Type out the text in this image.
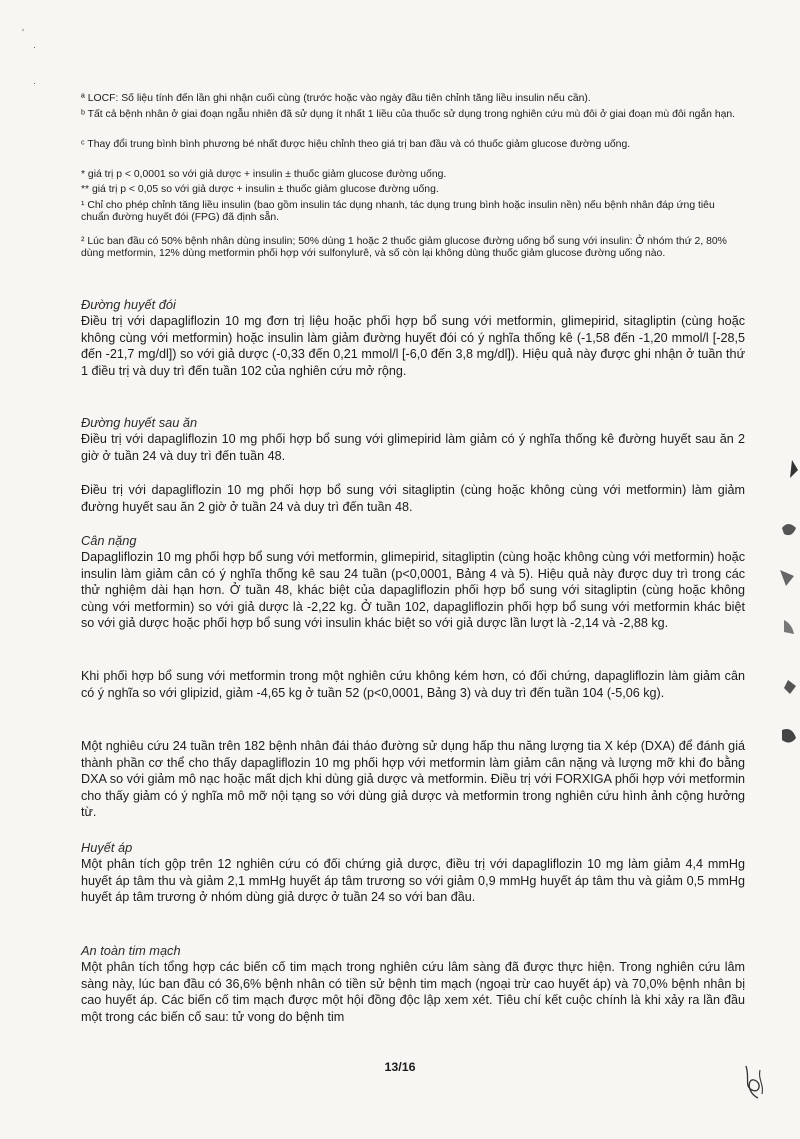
ʼ
·
·
ª LOCF: Số liệu tính đến lần ghi nhận cuối cùng (trước hoặc vào ngày đầu tiên chỉnh tăng liều insulin nếu cần).
ᵇ Tất cả bệnh nhân ở giai đoạn ngẫu nhiên đã sử dụng ít nhất 1 liều của thuốc sử dụng trong nghiên cứu mù đôi ở giai đoạn mù đôi ngắn hạn.
ᶜ Thay đổi trung bình bình phương bé nhất được hiệu chỉnh theo giá trị ban đầu và có thuốc giảm glucose đường uống.
* giá trị p < 0,0001 so với giả dược + insulin ± thuốc giảm glucose đường uống.
** giá trị p < 0,05 so với giả dược + insulin ± thuốc giảm glucose đường uống.
¹ Chỉ cho phép chỉnh tăng liều insulin (bao gồm insulin tác dụng nhanh, tác dụng trung bình hoặc insulin nền) nếu bệnh nhân đáp ứng tiêu chuẩn đường huyết đói (FPG) đã định sẵn.
² Lúc ban đầu có 50% bệnh nhân dùng insulin; 50% dùng 1 hoặc 2 thuốc giảm glucose đường uống bổ sung với insulin: Ở nhóm thứ 2, 80% dùng metformin, 12% dùng metformin phối hợp với sulfonylurê, và số còn lại không dùng thuốc giảm glucose đường uống nào.
Đường huyết đói
Điều trị với dapagliflozin 10 mg đơn trị liệu hoặc phối hợp bổ sung với metformin, glimepirid, sitagliptin (cùng hoặc không cùng với metformin) hoặc insulin làm giảm đường huyết đói có ý nghĩa thống kê (-1,58 đến -1,20 mmol/l [-28,5 đến -21,7 mg/dl]) so với giả dược (-0,33 đến 0,21 mmol/l [-6,0 đến 3,8 mg/dl]). Hiệu quả này được ghi nhận ở tuần thứ 1 điều trị và duy trì đến tuần 102 của nghiên cứu mở rộng.
Đường huyết sau ăn
Điều trị với dapagliflozin 10 mg phối hợp bổ sung với glimepirid làm giảm có ý nghĩa thống kê đường huyết sau ăn 2 giờ ở tuần 24 và duy trì đến tuần 48.
Điều trị với dapagliflozin 10 mg phối hợp bổ sung với sitagliptin (cùng hoặc không cùng với metformin) làm giảm đường huyết sau ăn 2 giờ ở tuần 24 và duy trì đến tuần 48.
Cân nặng
Dapagliflozin 10 mg phối hợp bổ sung với metformin, glimepirid, sitagliptin (cùng hoặc không cùng với metformin) hoặc insulin làm giảm cân có ý nghĩa thống kê sau 24 tuần (p<0,0001, Bảng 4 và 5). Hiệu quả này được duy trì trong các thử nghiệm dài hạn hơn. Ở tuần 48, khác biệt của dapagliflozin phối hợp bổ sung với sitagliptin (cùng hoặc không cùng với metformin) so với giả dược là -2,22 kg. Ở tuần 102, dapagliflozin phối hợp bổ sung với metformin khác biệt so với giả dược hoặc phối hợp bổ sung với insulin khác biệt so với giả dược lần lượt là -2,14 và -2,88 kg.
Khi phối hợp bổ sung với metformin trong một nghiên cứu không kém hơn, có đối chứng, dapagliflozin làm giảm cân có ý nghĩa so với glipizid, giảm -4,65 kg ở tuần 52 (p<0,0001, Bảng 3) và duy trì đến tuần 104 (-5,06 kg).
Một nghiêu cứu 24 tuần trên 182 bệnh nhân đái tháo đường sử dụng hấp thu năng lượng tia X kép (DXA) để đánh giá thành phần cơ thể cho thấy dapagliflozin 10 mg phối hợp với metformin làm giảm cân nặng và lượng mỡ khi đo bằng DXA so với giảm mô nạc hoặc mất dịch khi dùng giả dược và metformin. Điều trị với FORXIGA phối hợp với metformin cho thấy giảm có ý nghĩa mô mỡ nội tạng so với dùng giả dược và metformin trong nghiên cứu hình ảnh cộng hưởng từ.
Huyết áp
Một phân tích gộp trên 12 nghiên cứu có đối chứng giả dược, điều trị với dapagliflozin 10 mg làm giảm 4,4 mmHg huyết áp tâm thu và giảm 2,1 mmHg huyết áp tâm trương so với giảm 0,9 mmHg huyết áp tâm thu và giảm 0,5 mmHg huyết áp tâm trương ở nhóm dùng giả dược ở tuần 24 so với ban đầu.
An toàn tim mạch
Một phân tích tổng hợp các biến cố tim mạch trong nghiên cứu lâm sàng đã được thực hiện. Trong nghiên cứu lâm sàng này, lúc ban đầu có 36,6% bệnh nhân có tiền sử bệnh tim mạch (ngoại trừ cao huyết áp) và 70,0% bệnh nhân bị cao huyết áp. Các biến cố tim mạch được một hội đồng độc lập xem xét. Tiêu chí kết cuộc chính là khi xảy ra lần đầu một trong các biến cố sau: tử vong do bệnh tim
13/16
